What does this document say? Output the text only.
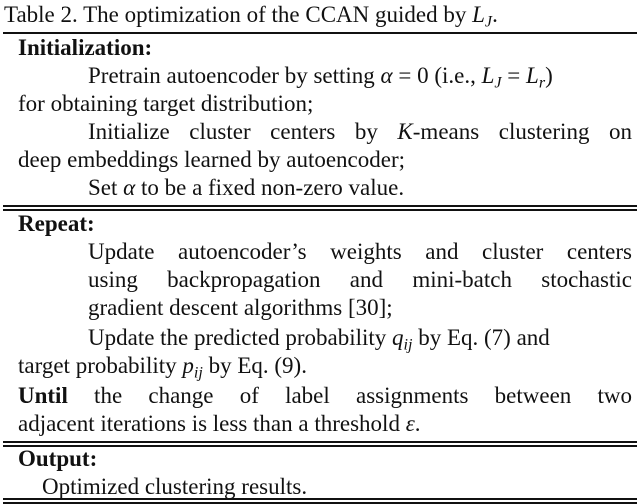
Table 2. The optimization of the CCAN guided by $L_J$.
Initialization:
Pretrain autoencoder by setting α = 0 (i.e., $L_J = L_r$)
for obtaining target distribution;
Initialize cluster centers by K-means clustering on
deep embeddings learned by autoencoder;
Set α to be a fixed non-zero value.
Repeat:
Update autoencoder’s weights and cluster centers
using backpropagation and mini-batch stochastic
gradient descent algorithms [30];
Update the predicted probability $q_{ij}$ by Eq. (7) and
target probability $p_{ij}$ by Eq. (9).
Until the change of label assignments between two
adjacent iterations is less than a threshold ε.
Output:
Optimized clustering results.
